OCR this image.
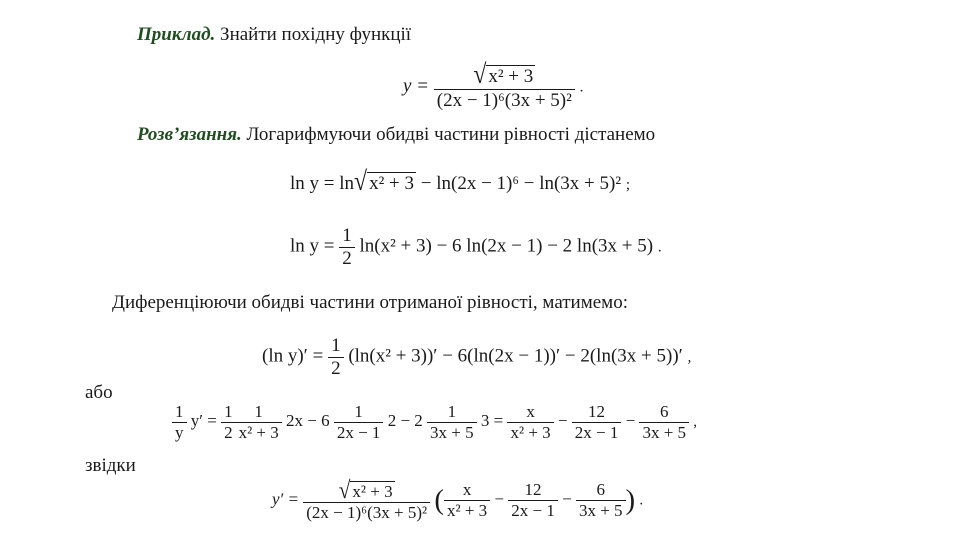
Приклад. Знайти похідну функції
$y = \frac{\text{√ x² + 3}}{\text{(2x − 1)⁶(3x + 5)²}}$ .
Розв’язання. Логарифмуючи обидві частини рівності дістанемо
ln y = ln√ x² + 3 − ln(2x − 1)⁶ − ln(3x + 5)² ;
$\ln y = \frac{1}{2} \ln(x^2 + 3) - 6$ ln(2x − 1) − 2 ln(3x + 5) .
Диференціюючи обидві частини отриманої рівності, матимемо:
(ln $y)' = \frac{1}{2} (\ln(x^2 + 3))' - 6(\ln(2x - 1))' - 2(\ln(3x + 5))'$ ,
або
$\frac{1}{y} y' = \frac{1}{2} \frac{1}{\text{x² + 3}} 2x - 6 \frac{1}{2x - 1} 2 - 2 \frac{1}{3x + 5} 3 = \frac{x}{\text{x² + 3}} - \frac{12}{2x - 1} - \frac{6}{3x + 5}$ ,
звідки
$y' = \frac{\text{√ x² + 3}}{\text{(2x − 1)⁶(3x + 5)²}}$ ( $\frac{x}{\text{x² + 3}} - \frac{12}{2x - 1} - \frac{6}{3x + 5}$ ) .
